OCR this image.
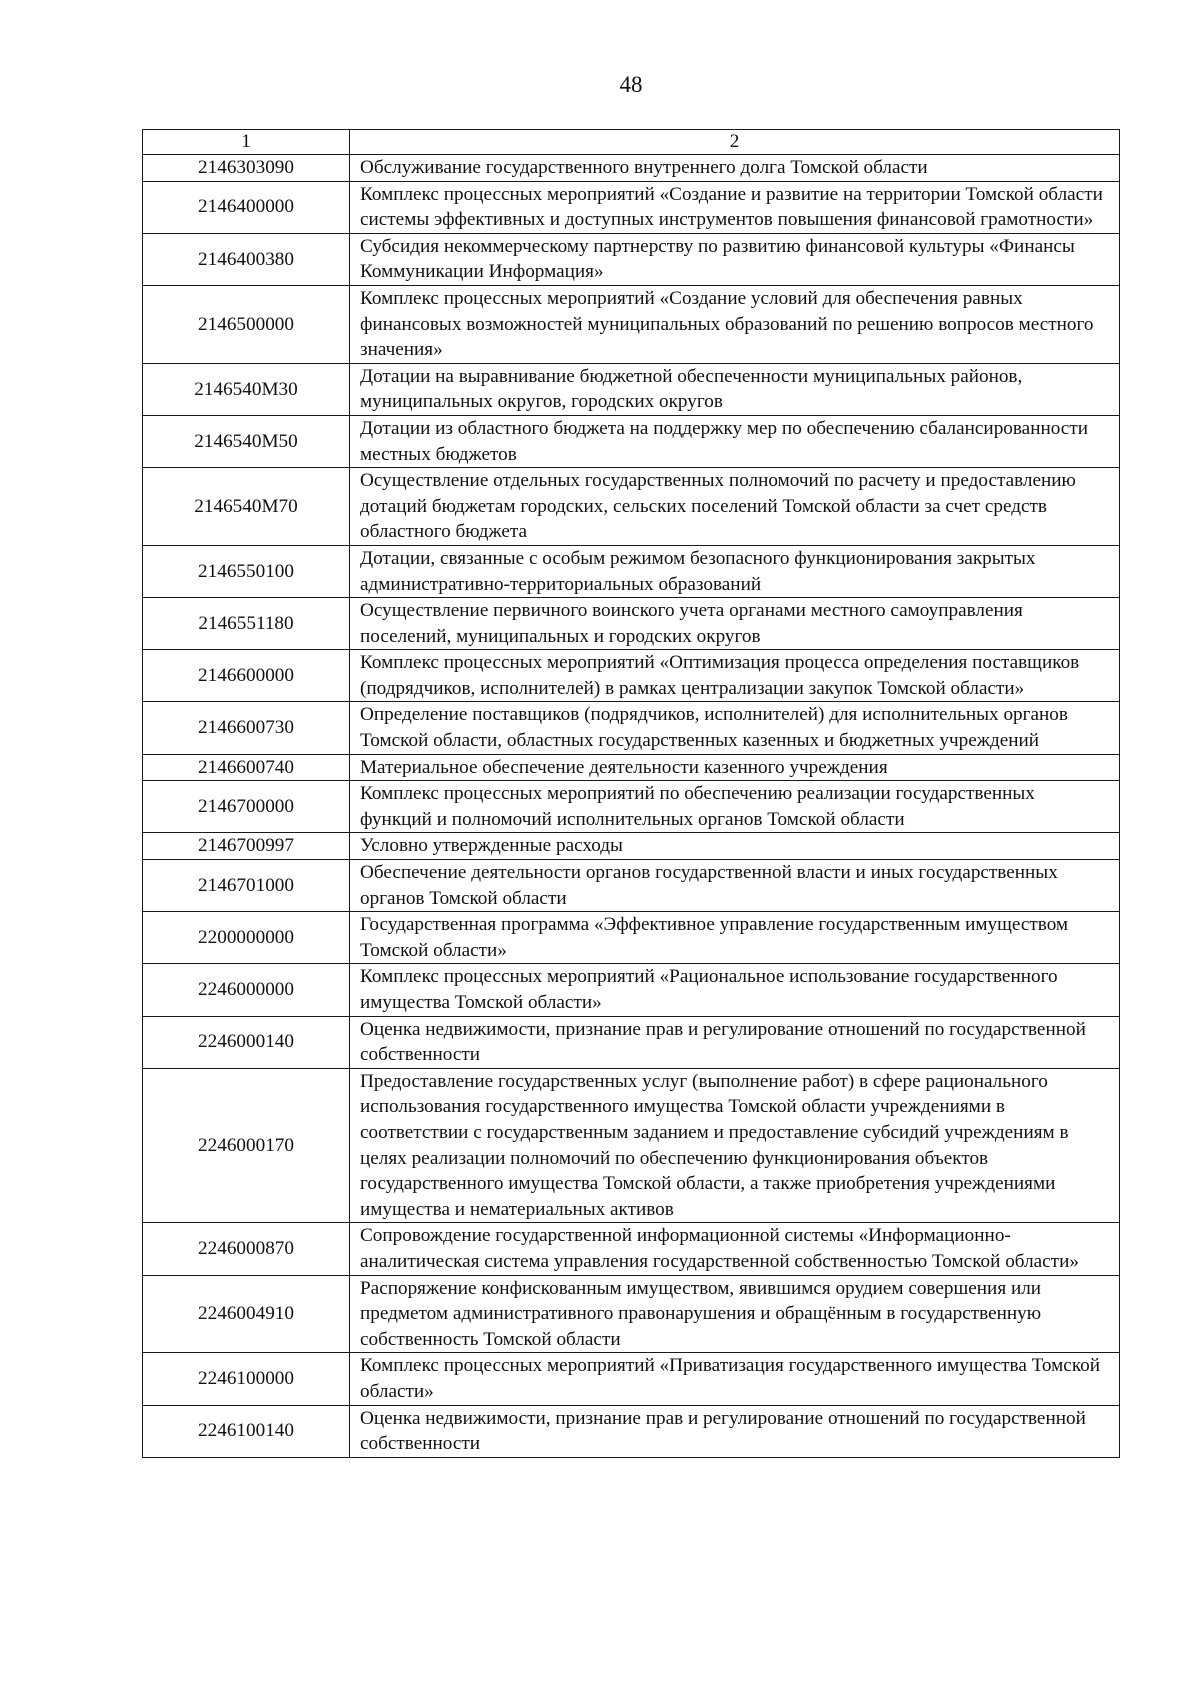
48
1	2
2146303090	Обслуживание государственного внутреннего долга Томской области
2146400000	Комплекс процессных мероприятий «Создание и развитие на территории Томской области системы эффективных и доступных инструментов повышения финансовой грамотности»
2146400380	Субсидия некоммерческому партнерству по развитию финансовой культуры «Финансы Коммуникации Информация»
2146500000	Комплекс процессных мероприятий «Создание условий для обеспечения равных финансовых возможностей муниципальных образований по решению вопросов местного значения»
2146540М30	Дотации на выравнивание бюджетной обеспеченности муниципальных районов, муниципальных округов, городских округов
2146540М50	Дотации из областного бюджета на поддержку мер по обеспечению сбалансированности местных бюджетов
2146540М70	Осуществление отдельных государственных полномочий по расчету и предоставлению дотаций бюджетам городских, сельских поселений Томской области за счет средств областного бюджета
2146550100	Дотации, связанные с особым режимом безопасного функционирования закрытых административно-территориальных образований
2146551180	Осуществление первичного воинского учета органами местного самоуправления поселений, муниципальных и городских округов
2146600000	Комплекс процессных мероприятий «Оптимизация процесса определения поставщиков (подрядчиков, исполнителей) в рамках централизации закупок Томской области»
2146600730	Определение поставщиков (подрядчиков, исполнителей) для исполнительных органов Томской области, областных государственных казенных и бюджетных учреждений
2146600740	Материальное обеспечение деятельности казенного учреждения
2146700000	Комплекс процессных мероприятий по обеспечению реализации государственных функций и полномочий исполнительных органов Томской области
2146700997	Условно утвержденные расходы
2146701000	Обеспечение деятельности органов государственной власти и иных государственных органов Томской области
2200000000	Государственная программа «Эффективное управление государственным имуществом Томской области»
2246000000	Комплекс процессных мероприятий «Рациональное использование государственного имущества Томской области»
2246000140	Оценка недвижимости, признание прав и регулирование отношений по государственной собственности
2246000170	Предоставление государственных услуг (выполнение работ) в сфере рационального использования государственного имущества Томской области учреждениями в соответствии с государственным заданием и предоставление субсидий учреждениям в целях реализации полномочий по обеспечению функционирования объектов государственного имущества Томской области, а также приобретения учреждениями имущества и нематериальных активов
2246000870	Сопровождение государственной информационной системы «Информационно-аналитическая система управления государственной собственностью Томской области»
2246004910	Распоряжение конфискованным имуществом, явившимся орудием совершения или предметом административного правонарушения и обращённым в государственную собственность Томской области
2246100000	Комплекс процессных мероприятий «Приватизация государственного имущества Томской области»
2246100140	Оценка недвижимости, признание прав и регулирование отношений по государственной собственности
